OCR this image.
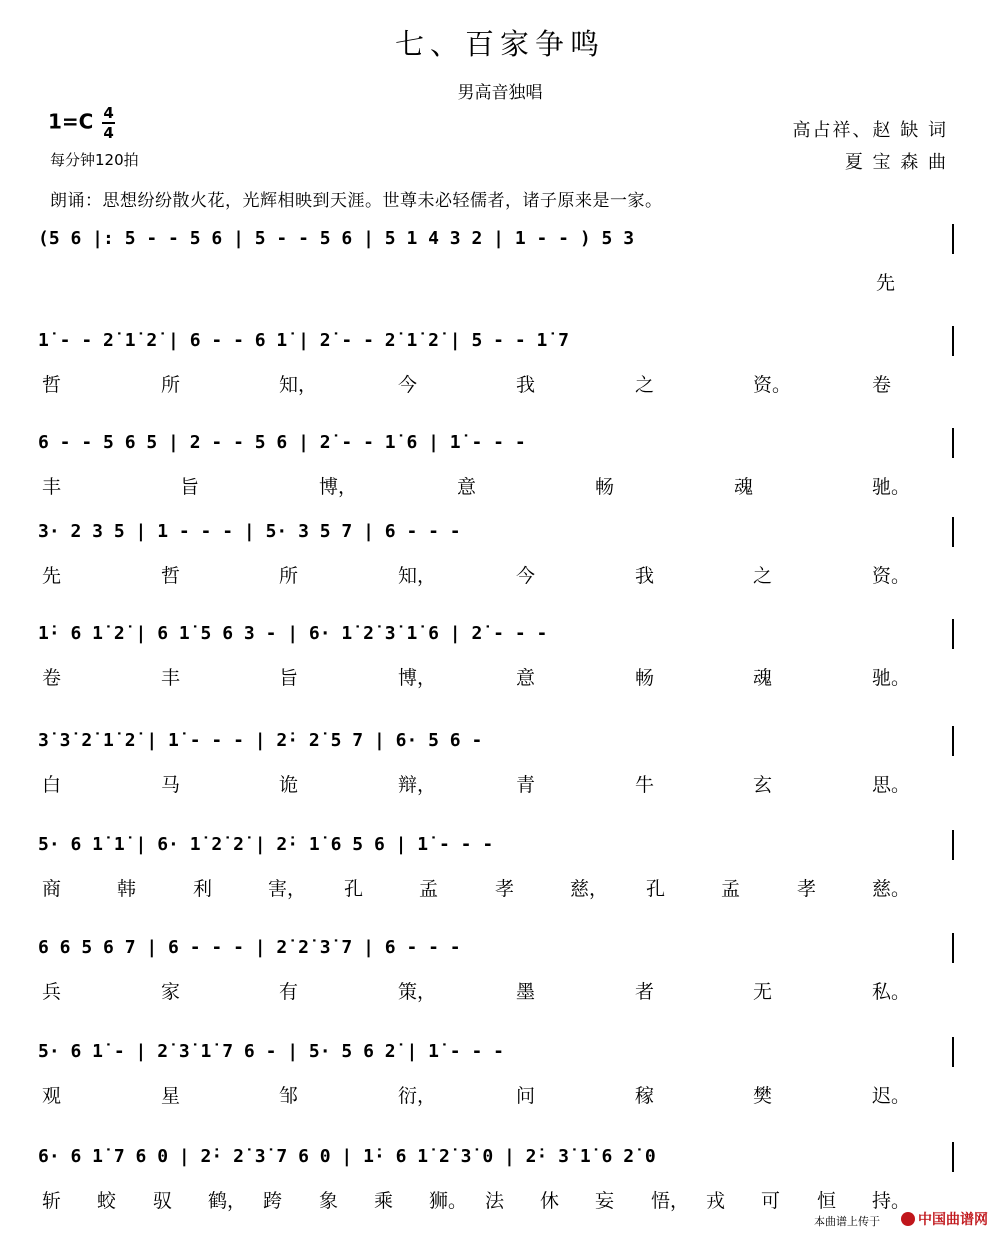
七、百家争鸣
男高音独唱
$1=C \frac{4}{4}$
每分钟120拍
高占祥、赵 缺 词
夏 宝 森 曲
朗诵：思想纷纷散火花，光辉相映到天涯。世尊未必轻儒者，诸子原来是一家。
(5 6 |: 5 - - 5 6 | 5 - - 5 6 | 5 1 4 3 2 | 1 - - ) 5 3
先
1̇ - - 2̇ 1̇ 2̇ | 6 - - 6 1̇ | 2̇ - - 2̇ 1̇ 2̇ | 5 - - 1̇ 7
哲	所	知，	今	我	之	资。	卷
6 - - 5 6 5 | 2 - - 5 6 | 2̇ - - 1̇ 6 | 1̇ - - -
丰	旨	博，	意	畅	魂	驰。
3· 2 3 5 | 1 - - - | 5· 3 5 7 | 6 - - -
先	哲	所	知，	今	我	之	资。
1̇· 6 1̇ 2̇ | 6 1̇ 5 6 3 - | 6· 1̇ 2̇ 3̇ 1̇ 6 | 2̇ - - -
卷	丰	旨	博，	意	畅	魂	驰。
3̇ 3̇ 2̇ 1̇ 2̇ | 1̇ - - - | 2̇· 2̇ 5 7 | 6· 5 6 -
白	马	诡	辩，	青	牛	玄	思。
5· 6 1̇ 1̇ | 6· 1̇ 2̇ 2̇ | 2̇· 1̇ 6 5 6 | 1̇ - - -
商	韩	利	害， 孔	孟	孝	慈， 孔	孟	孝	慈。
6 6 5 6 7 | 6 - - - | 2̇ 2̇ 3̇ 7 | 6 - - -
兵	家	有	策，	墨	者	无	私。
5· 6 1̇ - | 2̇ 3̇ 1̇ 7 6 - | 5· 5 6 2̇ | 1̇ - - -
观	星	邹	衍，	问	稼	樊	迟。
6· 6 1̇ 7 6 0 | 2̇· 2̇ 3̇ 7 6 0 | 1̇· 6 1̇ 2̇ 3̇ 0 | 2̇· 3̇ 1̇ 6 2̇ 0
斩 蛟 驭 鹤， 跨 象 乘 狮。 法 休 妄 悟， 戎 可 恒 持。
本曲谱上传于	中国曲谱网
